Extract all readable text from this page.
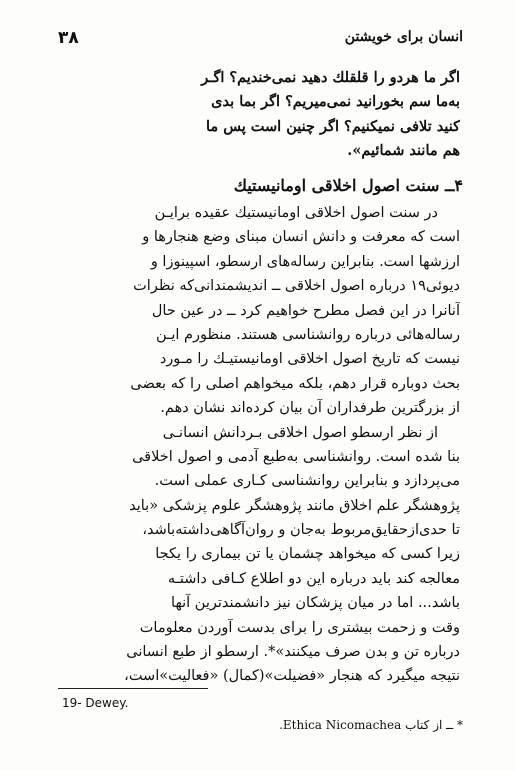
۳۸	انسان برای خویشتن
اگر ما هردو را قلقلك دهيد نمی‌خنديم؟ اگـر
به‌ما سم بخورانيد نمی‌ميريم؟ اگر بما بدی
كنيد تلافی نميكنيم؟ اگر چنين است پس ما
هم مانند شمائيم».
۴ــ سنت اصول اخلاقی اومانیستیك
در سنت اصول اخلاقی اومانیستیك عقیده برایـن
است كه معرفت و دانش انسان مبنای وضع هنجارها و
ارزشها است. بنابراین رساله‌های ارسطو، اسپینوزا و
دیوئی۱۹ درباره اصول اخلاقی ــ اندیشمندانی‌كه نظرات
آنانرا در این فصل مطرح خواهیم كرد ــ در عین حال
رساله‌هائی درباره روانشناسی هستند. منظورم ایـن
نیست كه تاریخ اصول اخلاقی اومانیستیـك را مـورد
بحث دوباره قرار دهم، بلكه میخواهم اصلی را كه بعضی
از بزرگترین طرفداران آن بیان كرده‌اند نشان دهم.
از نظر ارسطو اصول اخلاقی بـردانش انسانـی
بنا شده است. روانشناسی به‌طبع آدمی و اصول اخلاقی
می‌پردازد و بنابراین روانشناسی كـاری عملی است.
پژوهشگر علم اخلاق مانند پژوهشگر علوم پزشكی «باید
تا حدی‌ازحقایق‌مربوط به‌جان و روان‌آگاهی‌داشته‌باشد،
زیرا كسی كه میخواهد چشمان یا تن بیماری را یكجا
معالجه كند باید درباره این دو اطلاع كـافی داشتـه
باشد... اما در میان پزشكان نیز دانشمندترین آنها
وقت و زحمت بیشتری را برای بدست آوردن معلومات
درباره تن و بدن صرف میكنند»*. ارسطو از طبع انسانی
نتیجه میگیرد كه هنجار «فضیلت»(كمال) «فعالیت»است،
19- Dewey.
* ــ از كتاب Ethica Nicomachea.
